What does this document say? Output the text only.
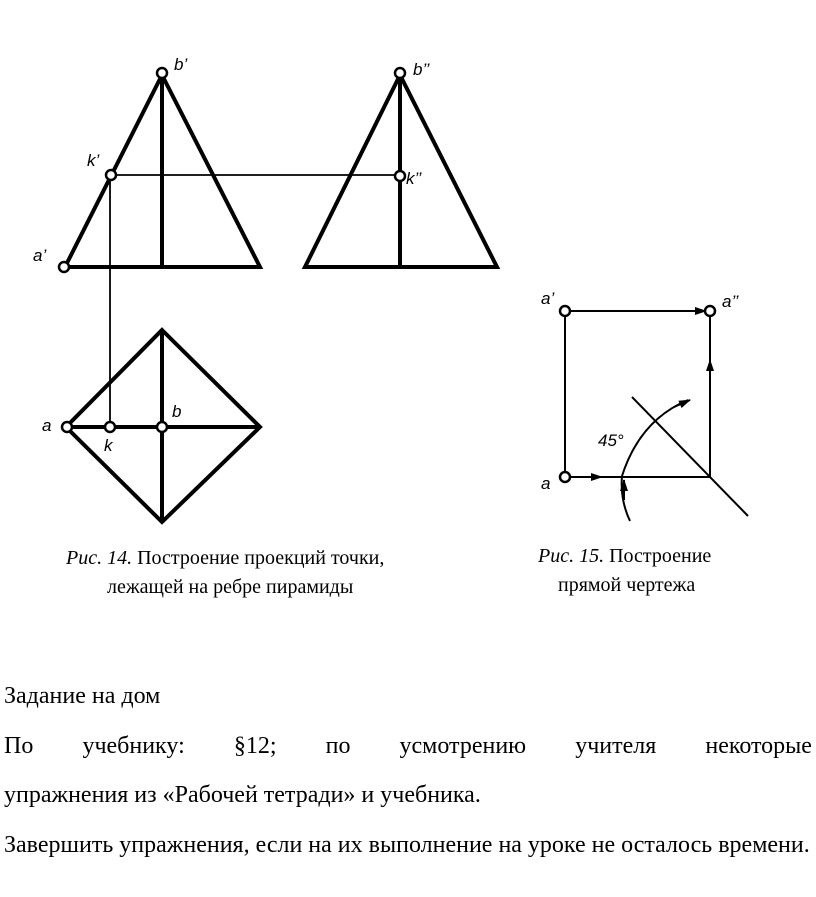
b’	b’’
k’
k’’
a’
a
k
b
Рис. 14. Построение проекций точки,
лежащей на ребре пирамиды
a’	a’’
a
45°
Рис. 15. Построение
прямой чертежа
Задание на дом
По учебнику: §12; по усмотрению учителя некоторые
упражнения из «Рабочей тетради» и учебника.
Завершить упражнения, если на их выполнение на уроке не осталось времени.
